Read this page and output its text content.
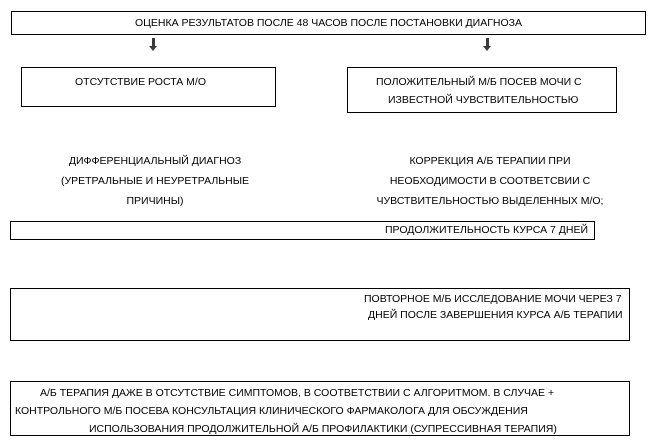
ОЦЕНКА РЕЗУЛЬТАТОВ ПОСЛЕ 48 ЧАСОВ ПОСЛЕ ПОСТАНОВКИ ДИАГНОЗА
ОТСУТСТВИЕ РОСТА М/О	ПОЛОЖИТЕЛЬНЫЙ М/Б ПОСЕВ МОЧИ С
ИЗВЕСТНОЙ ЧУВСТВИТЕЛЬНОСТЬЮ
ДИФФЕРЕНЦИАЛЬНЫЙ ДИАГНОЗ
(УРЕТРАЛЬНЫЕ И НЕУРЕТРАЛЬНЫЕ
ПРИЧИНЫ)
КОРРЕКЦИЯ А/Б ТЕРАПИИ ПРИ
НЕОБХОДИМОСТИ В СООТВЕТСВИИ С
ЧУВСТВИТЕЛЬНОСТЬЮ ВЫДЕЛЕННЫХ М/О;
ПРОДОЛЖИТЕЛЬНОСТЬ КУРСА 7 ДНЕЙ
ПОВТОРНОЕ М/Б ИССЛЕДОВАНИЕ МОЧИ ЧЕРЕЗ 7
ДНЕЙ ПОСЛЕ ЗАВЕРШЕНИЯ КУРСА А/Б ТЕРАПИИ
А/Б ТЕРАПИЯ ДАЖЕ В ОТСУТСТВИЕ СИМПТОМОВ, В СООТВЕТСТВИИ С АЛГОРИТМОМ. В СЛУЧАЕ +
КОНТРОЛЬНОГО М/Б ПОСЕВА КОНСУЛЬТАЦИЯ КЛИНИЧЕСКОГО ФАРМАКОЛОГА ДЛЯ ОБСУЖДЕНИЯ
ИСПОЛЬЗОВАНИЯ ПРОДОЛЖИТЕЛЬНОЙ А/Б ПРОФИЛАКТИКИ (СУПРЕССИВНАЯ ТЕРАПИЯ)
